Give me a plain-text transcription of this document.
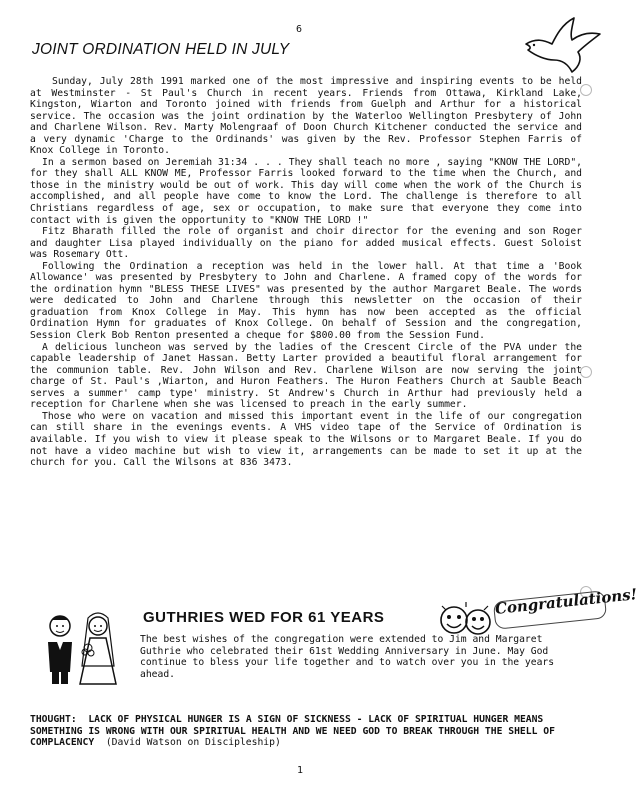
6
JOINT ORDINATION HELD IN JULY

Sunday, July 28th 1991 marked one of the most impressive and inspiring events to be held at Westminster - St Paul's Church in recent years. Friends from Ottawa, Kirkland Lake, Kingston, Wiarton and Toronto joined with friends from Guelph and Arthur for a historical service. The occasion was the joint ordination by the Waterloo Wellington Presbytery of John and Charlene Wilson. Rev. Marty Molengraaf of Doon Church Kitchener conducted the service and a very dynamic 'Charge to the Ordinands' was given by the Rev. Professor Stephen Farris of Knox College in Toronto.

In a sermon based on Jeremiah 31:34 . . . They shall teach no more , saying "KNOW THE LORD", for they shall ALL KNOW ME, Professor Farris looked forward to the time when the Church, and those in the ministry would be out of work. This day will come when the work of the Church is accomplished, and all people have come to know the Lord. The challenge is therefore to all Christians regardless of age, sex or occupation, to make sure that everyone they come into contact with is given the opportunity to "KNOW THE LORD !"

Fitz Bharath filled the role of organist and choir director for the evening and son Roger and daughter Lisa played individually on the piano for added musical effects. Guest Soloist was Rosemary Ott.

Following the Ordination a reception was held in the lower hall. At that time a 'Book Allowance' was presented by Presbytery to John and Charlene. A framed copy of the words for the ordination hymn "BLESS THESE LIVES" was presented by the author Margaret Beale. The words were dedicated to John and Charlene through this newsletter on the occasion of their graduation from Knox College in May. This hymn has now been accepted as the official Ordination Hymn for graduates of Knox College. On behalf of Session and the congregation, Session Clerk Bob Renton presented a cheque for $800.00 from the Session Fund.

A delicious luncheon was served by the ladies of the Crescent Circle of the PVA under the capable leadership of Janet Hassan. Betty Larter provided a beautiful floral arrangement for the communion table. Rev. John Wilson and Rev. Charlene Wilson are now serving the joint charge of St. Paul's ,Wiarton, and Huron Feathers. The Huron Feathers Church at Sauble Beach serves a summer' camp type' ministry. St Andrew's Church in Arthur had previously held a reception for Charlene when she was licensed to preach in the early summer.

Those who were on vacation and missed this important event in the life of our congregation can still share in the evenings events. A VHS video tape of the Service of Ordination is available. If you wish to view it please speak to the Wilsons or to Margaret Beale. If you do not have a video machine but wish to view it, arrangements can be made to set it up at the church for you. Call the Wilsons at 836 3473.

GUTHRIES WED FOR 61 YEARS	Congratulations!

The best wishes of the congregation were extended to Jim and Margaret Guthrie who celebrated their 61st Wedding Anniversary in June. May God continue to bless your life together and to watch over you in the years ahead.

THOUGHT: LACK OF PHYSICAL HUNGER IS A SIGN OF SICKNESS - LACK OF SPIRITUAL HUNGER MEANS SOMETHING IS WRONG WITH OUR SPIRITUAL HEALTH AND WE NEED GOD TO BREAK THROUGH THE SHELL OF COMPLACENCY (David Watson on Discipleship)

1
